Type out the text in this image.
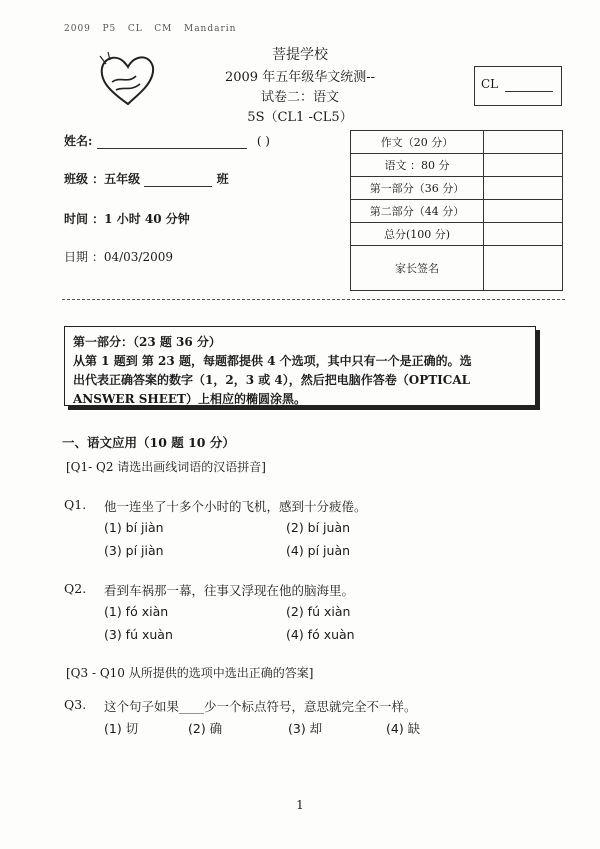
2009   P5   CL   CM   Mandarin
菩提学校
2009 年五年级华文统测--
试卷二：语文
5S（CL1 -CL5）
CL
姓名:	( )
班级 ：五年级	班
时间 ：1 小时 40 分钟
日期 ：04/03/2009
作文（20 分）	
语文 ：80 分	
第一部分（36 分）	
第二部分（44 分）	
总分(100 分)	
家长签名	
第一部分：（23 题 36 分）
从第 1 题到 第 23 题，每题都提供 4 个选项，其中只有一个是正确的。选
出代表正确答案的数字（1，2，3 或 4），然后把电脑作答卷（OPTICAL
ANSWER SHEET）上相应的椭圆涂黑。
一、语文应用（10 题 10 分）
[Q1- Q2 请选出画线词语的汉语拼音]
Q1. 他一连坐了十多个小时的飞机，感到十分疲倦。
(1) bí jiàn	(2) bí juàn
(3) pí jiàn	(4) pí juàn
Q2. 看到车祸那一幕，往事又浮现在他的脑海里。
(1) fó xiàn	(2) fú xiàn
(3) fú xuàn	(4) fó xuàn
[Q3 - Q10 从所提供的选项中选出正确的答案]
Q3. 这个句子如果____少一个标点符号，意思就完全不一样。
(1) 切	(2) 确	(3) 却	(4) 缺
1
